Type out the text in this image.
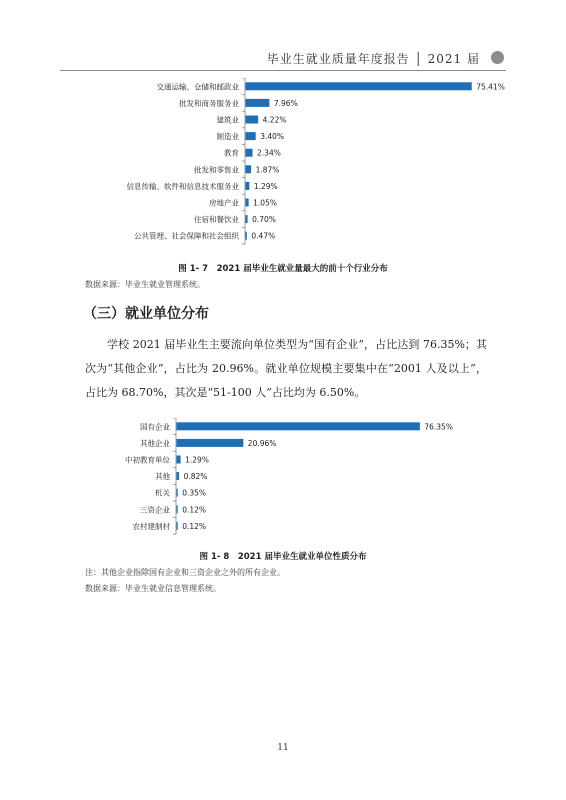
毕业生就业质量年度报告 │ 2021 届
交通运输、仓储和邮政业	75.41%
批发和商务服务业	7.96%
建筑业	4.22%
制造业	3.40%
教育 2.34%
批发和零售业 1.87%
信息传输、软件和信息技术服务业 1.29%
房地产业 1.05%
住宿和餐饮业 0.70%
公共管理、社会保障和社会组织 0.47%
图 1- 7　2021 届毕业生就业量最大的前十个行业分布
数据来源：毕业生就业管理系统。
（三）就业单位分布
学校 2021 届毕业生主要流向单位类型为“国有企业”，占比达到 76.35%；其次为“其他企业”，占比为 20.96%。就业单位规模主要集中在“2001 人及以上”，占比为 68.70%，其次是“51-100 人”占比均为 6.50%。
国有企业	76.35%
其他企业	20.96%
中初教育单位 1.29%
其他 0.82%
机关 0.35%
三资企业 0.12%
农村建制村 0.12%
图 1- 8　2021 届毕业生就业单位性质分布
注：其他企业指除国有企业和三资企业之外的所有企业。
数据来源：毕业生就业信息管理系统。
11
